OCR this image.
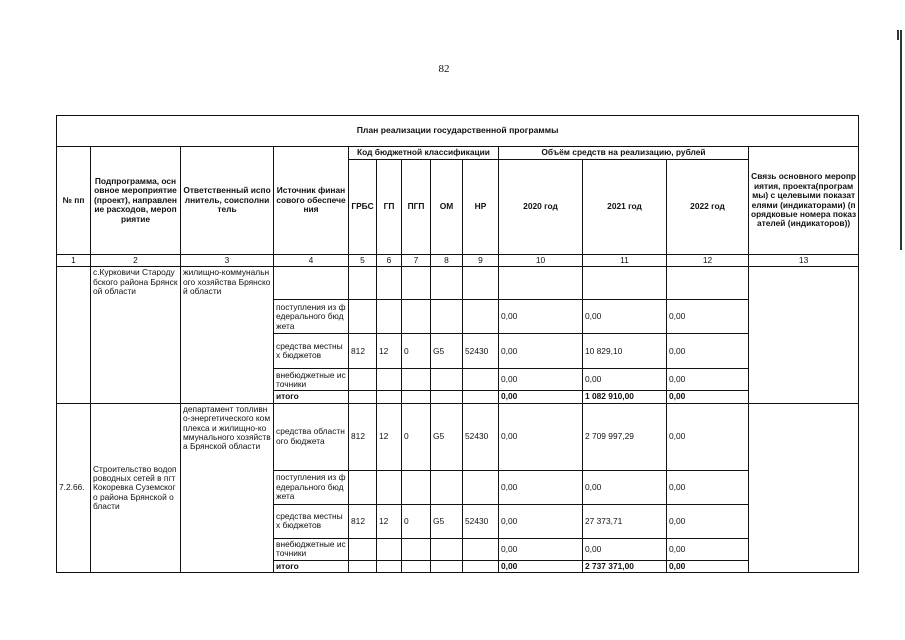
82
План реализации государственной программы												
№ пп	Подпрограмма, основное мероприятие(проект), направление расходов, мероприятие	Ответственный исполнитель, соисполнитель	Источник финансового обеспечения	Код бюджетной классификации					Объём средств на реализацию, рублей			Связь основного мероприятия, проекта(программы) с целевыми показателями (индикаторами) (порядковые номера показателей (индикаторов))
				ГРБС	ГП	ПГП	ОМ	НР	2020 год	2021 год	2022 год	
1	2	3	4	5	6	7	8	9	10	11	12	13
	с.Курковичи Стародубского района Брянской области	жилищно-коммунального хозяйства Брянской области										
			поступления из федерального бюджета						0,00	0,00	0,00	
			средства местных бюджетов	812	12	0	G5	52430	0,00	10 829,10	0,00	
			внебюджетные источники						0,00	0,00	0,00	
			итого						0,00	1 082 910,00	0,00	
7.2.66.	Строительство водопроводных сетей в пгт Кокоревка Суземского района Брянской области	департамент топливно-энергетического комплекса и жилищно-коммунального хозяйства Брянской области	средства областного бюджета	812	12	0	G5	52430	0,00	2 709 997,29	0,00	
			поступления из федерального бюджета						0,00	0,00	0,00	
			средства местных бюджетов	812	12	0	G5	52430	0,00	27 373,71	0,00	
			внебюджетные источники						0,00	0,00	0,00	
			итого						0,00	2 737 371,00	0,00	
